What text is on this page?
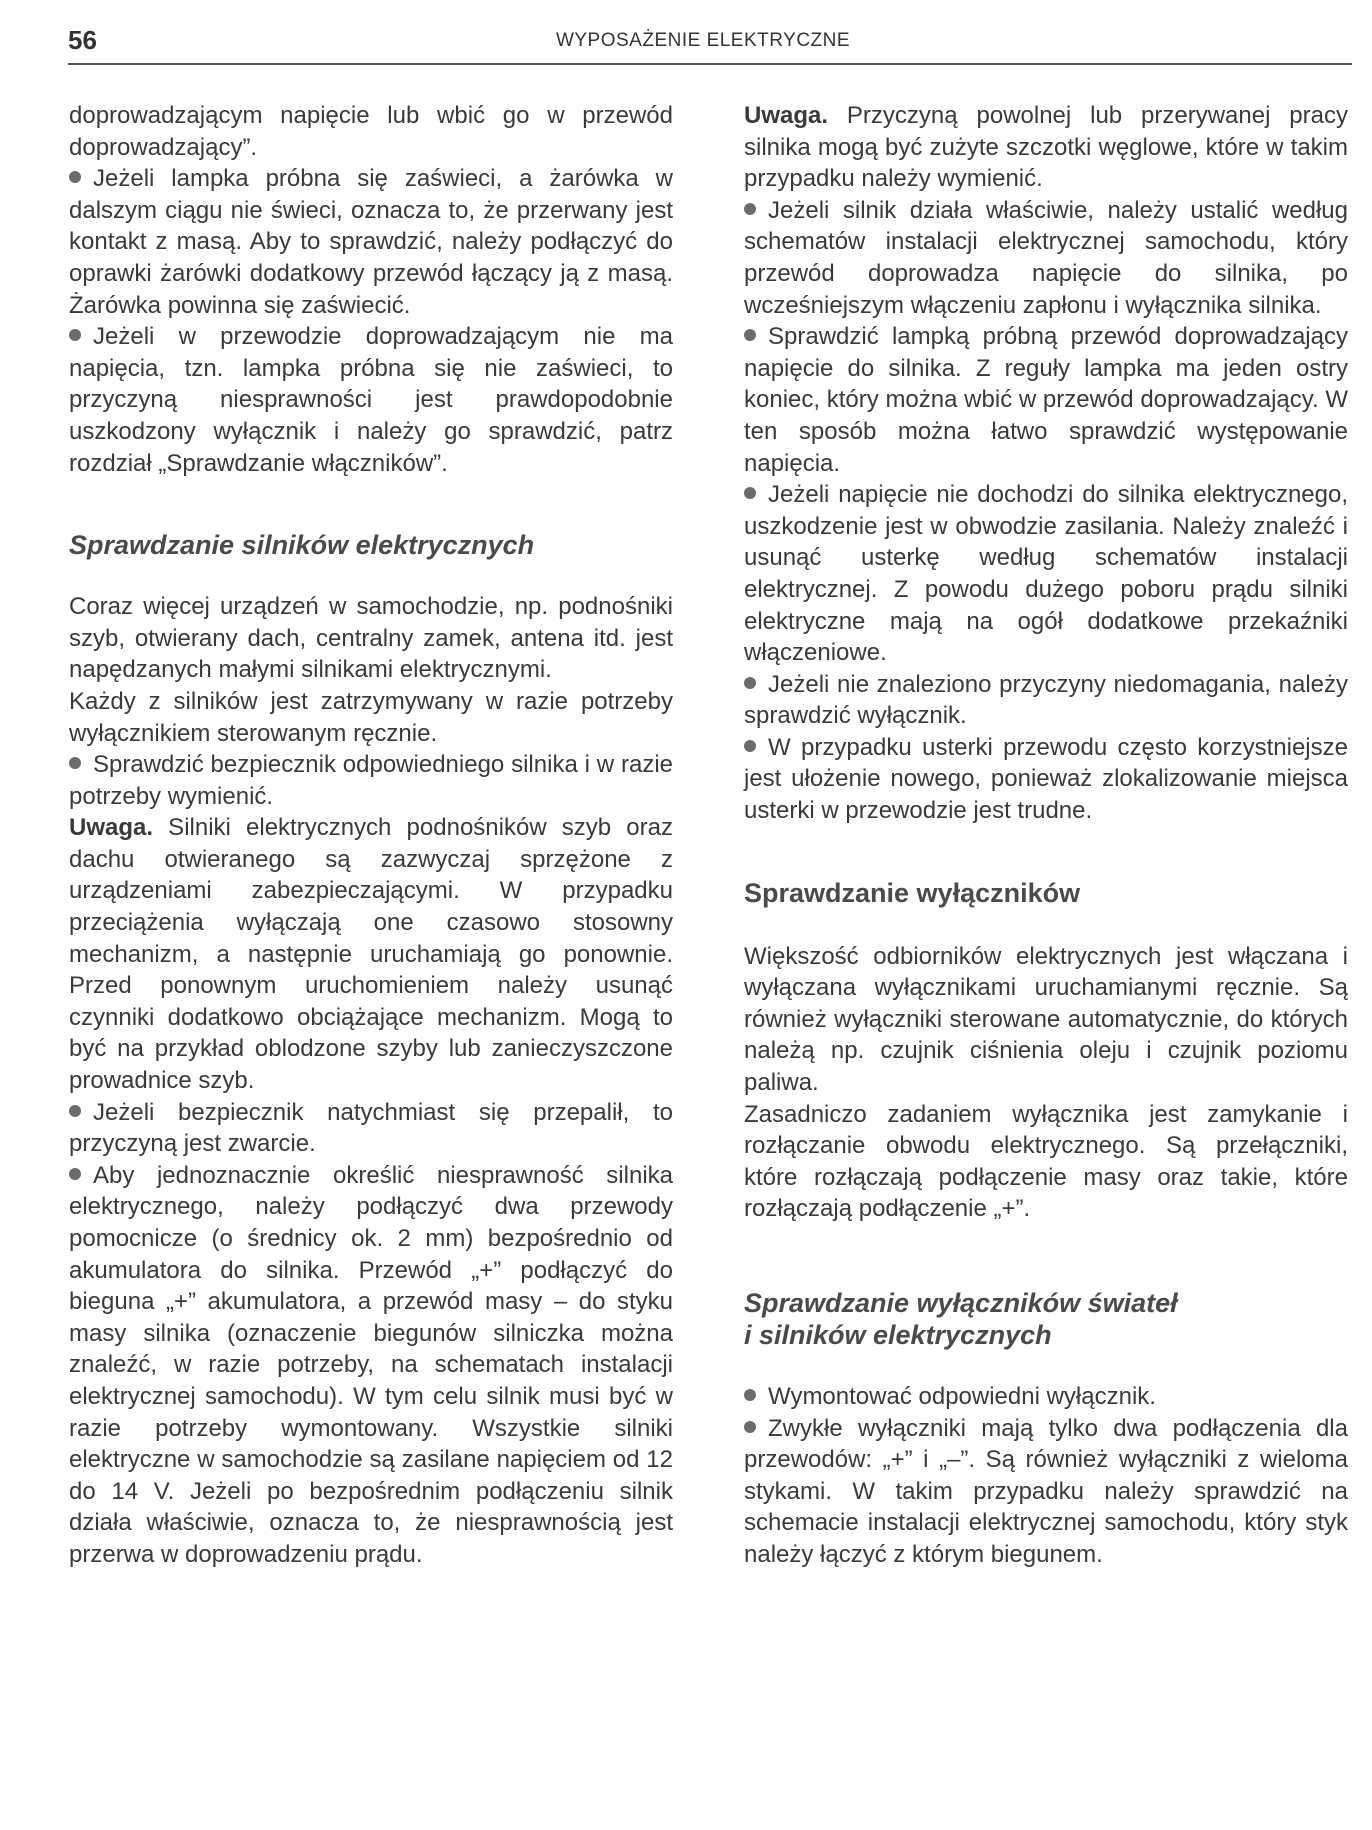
56	WYPOSAŻENIE ELEKTRYCZNE

doprowadzającym napięcie lub wbić go w przewód doprowadzający”.

Jeżeli lampka próbna się zaświeci, a żarówka w dalszym ciągu nie świeci, oznacza to, że przerwany jest kontakt z masą. Aby to sprawdzić, należy podłączyć do oprawki żarówki dodatkowy przewód łączący ją z masą. Żarówka powinna się zaświecić.

Jeżeli w przewodzie doprowadzającym nie ma napięcia, tzn. lampka próbna się nie zaświeci, to przyczyną niesprawności jest prawdopodobnie uszkodzony wyłącznik i należy go sprawdzić, patrz rozdział „Sprawdzanie włączników”.

Sprawdzanie silników elektrycznych

Coraz więcej urządzeń w samochodzie, np. podnośniki szyb, otwierany dach, centralny zamek, antena itd. jest napędzanych małymi silnikami elektrycznymi.

Każdy z silników jest zatrzymywany w razie potrzeby wyłącznikiem sterowanym ręcznie.

Sprawdzić bezpiecznik odpowiedniego silnika i w razie potrzeby wymienić.

Uwaga. Silniki elektrycznych podnośników szyb oraz dachu otwieranego są zazwyczaj sprzężone z urządzeniami zabezpieczającymi. W przypadku przeciążenia wyłączają one czasowo stosowny mechanizm, a następnie uruchamiają go ponownie. Przed ponownym uruchomieniem należy usunąć czynniki dodatkowo obciążające mechanizm. Mogą to być na przykład oblodzone szyby lub zanieczyszczone prowadnice szyb.

Jeżeli bezpiecznik natychmiast się przepalił, to przyczyną jest zwarcie.

Aby jednoznacznie określić niesprawność silnika elektrycznego, należy podłączyć dwa przewody pomocnicze (o średnicy ok. 2 mm) bezpośrednio od akumulatora do silnika. Przewód „+” podłączyć do bieguna „+” akumulatora, a przewód masy – do styku masy silnika (oznaczenie biegunów silniczka można znaleźć, w razie potrzeby, na schematach instalacji elektrycznej samochodu). W tym celu silnik musi być w razie potrzeby wymontowany. Wszystkie silniki elektryczne w samochodzie są zasilane napięciem od 12 do 14 V. Jeżeli po bezpośrednim podłączeniu silnik działa właściwie, oznacza to, że niesprawnością jest przerwa w doprowadzeniu prądu.

Uwaga. Przyczyną powolnej lub przerywanej pracy silnika mogą być zużyte szczotki węglowe, które w takim przypadku należy wymienić.

Jeżeli silnik działa właściwie, należy ustalić według schematów instalacji elektrycznej samochodu, który przewód doprowadza napięcie do silnika, po wcześniejszym włączeniu zapłonu i wyłącznika silnika.

Sprawdzić lampką próbną przewód doprowadzający napięcie do silnika. Z reguły lampka ma jeden ostry koniec, który można wbić w przewód doprowadzający. W ten sposób można łatwo sprawdzić występowanie napięcia.

Jeżeli napięcie nie dochodzi do silnika elektrycznego, uszkodzenie jest w obwodzie zasilania. Należy znaleźć i usunąć usterkę według schematów instalacji elektrycznej. Z powodu dużego poboru prądu silniki elektryczne mają na ogół dodatkowe przekaźniki włączeniowe.

Jeżeli nie znaleziono przyczyny niedomagania, należy sprawdzić wyłącznik.

W przypadku usterki przewodu często korzystniejsze jest ułożenie nowego, ponieważ zlokalizowanie miejsca usterki w przewodzie jest trudne.

Sprawdzanie wyłączników

Większość odbiorników elektrycznych jest włączana i wyłączana wyłącznikami uruchamianymi ręcznie. Są również wyłączniki sterowane automatycznie, do których należą np. czujnik ciśnienia oleju i czujnik poziomu paliwa.

Zasadniczo zadaniem wyłącznika jest zamykanie i rozłączanie obwodu elektrycznego. Są przełączniki, które rozłączają podłączenie masy oraz takie, które rozłączają podłączenie „+”.

Sprawdzanie wyłączników świateł
i silników elektrycznych

Wymontować odpowiedni wyłącznik.

Zwykłe wyłączniki mają tylko dwa podłączenia dla przewodów: „+” i „–”. Są również wyłączniki z wieloma stykami. W takim przypadku należy sprawdzić na schemacie instalacji elektrycznej samochodu, który styk należy łączyć z którym biegunem.
